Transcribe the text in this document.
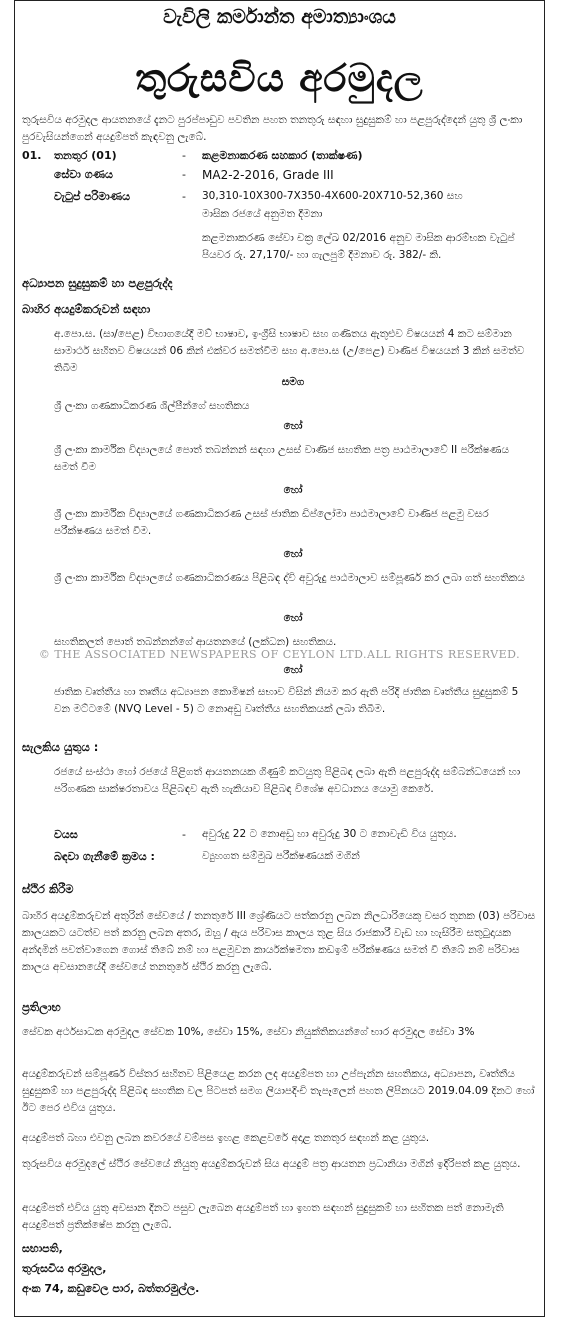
වැවිලි කර්මාන්ත අමාත්‍යාංශය
තුරුසවිය අරමුදල

තුරුසවිය අරමුදල ආයතනයේ දැනට පුරප්පාඩුව පවතින පහත තනතුරු සඳහා සුදුසුකම් හා පළපුරුද්දෙන් යුතු ශ්‍රී ලංකා පුරවැසියන්ගෙන් අයදුම්පත් කැඳවනු ලැබේ.

01. තනතුර (01)	- කළමනාකරණ සහකාර (තාක්ෂණ)
සේවා ගණය	- MA2-2-2016, Grade III
වැටුප් පරිමාණය	- 30,310-10X300-7X350-4X600-20X710-52,360 සහ

මාසික රජයේ අනුමත දීමනා

කළමනාකරණ සේවා චක්‍ර ලේඛ 02/2016 අනුව මාසික ආරම්භක වැටුප් පියවර රු. 27,170/- හා ගැලපුම් දීමනාව රු. 382/- කි.

අධ්‍යාපන සුදුසුකම් හා පළපුරුද්ද
බාහිර අයදුම්කරුවන් සඳහා

අ.පො.ස. (සා/පෙළ) විභාගයේදී මව් භාෂාව, ඉංග්‍රීසි භාෂාව සහ ගණිතය ඇතුළුව විෂයයන් 4 කට සම්මාන සාමාර්ථ සහිතව විෂයයන් 06 කින් එක්වර සමත්වීම සහ අ.පො.ස (උ/පෙළ) වාණිජ විෂයයන් 3 කින් සමත්ව තිබීම

සමග

ශ්‍රී ලංකා ගණකාධිකරණ ශිල්පීන්ගේ සහතිකය

හෝ

ශ්‍රී ලංකා කාර්මික විද්‍යාලයේ පොත් තබන්නන් සඳහා උසස් වාණිජ සහතික පත්‍ර පාඨමාලාවේ II පරීක්ෂණය සමත් වීම

හෝ

ශ්‍රී ලංකා කාර්මික විද්‍යාලයේ ගණකාධිකරණ උසස් ජාතික ඩිප්ලෝමා පාඨමාලාවේ වාණිජ පළමු වසර පරීක්ෂණය සමත් වීම.

හෝ

ශ්‍රී ලංකා කාර්මික විද්‍යාලයේ ගණකාධිකරණය පිළිබඳ ද්වි අවුරුදු පාඨමාලාව සම්පූර්ණ කර ලබා ගත් සහතිකය

හෝ

සහතිකලත් පොත් තබන්නන්ගේ ආයතනයේ (ලක්ධන) සහතිකය.

© THE ASSOCIATED NEWSPAPERS OF CEYLON LTD.ALL RIGHTS RESERVED.
හෝ

ජාතික වෘත්තීය හා තෘතීය අධ්‍යාපන කොමිෂන් සභාව විසින් නියම කර ඇති පරිදි ජාතික වෘත්තීය සුදුසුකම් 5 වන මට්ටමේ (NVQ Level - 5) ට නොඅඩු වෘත්තීය සහතිකයක් ලබා තිබීම.

සැලකිය යුතුය :

රජයේ සංස්ථා හෝ රජයේ පිළිගත් ආයතනයක ගිණුම් කටයුතු පිළිබඳ ලබා ඇති පළපුරුද්ද සම්බන්ධයෙන් හා පරිගණක සාක්ෂරතාවය පිළිබඳව ඇති හැකියාව පිළිබඳ විශේෂ අවධානය යොමු කෙරේ.

වයස	- අවුරුදු 22 ට නොඅඩු හා අවුරුදු 30 ට නොවැඩි විය යුතුය.
බඳවා ගැනීමේ ක්‍රමය :	ව්‍යුහගත සම්මුඛ පරීක්ෂණයක් මගින්
ස්ථිර කිරීම

බාහිර අයදුම්කරුවන් අතුරින් සේවයේ / තනතුරේ III ශ්‍රේණියට පත්කරනු ලබන නිලධාරියෙකු වසර තුනක (03) පරිවාස කාලයකට යටත්ව පත් කරනු ලබන අතර, ඔහු / ඇය පරිවාස කාලය තුළ සිය රාජකාරී වැඩ හා හැසිරීම සතුටුදායක අන්දමින් පවත්වාගෙන ගොස් තිබේ නම් හා පළමුවන කාර්යක්ෂමතා කඩඉම් පරීක්ෂණය සමත් වී තිබේ නම් පරිවාස කාලය අවසානයේදී සේවයේ තනතුරේ ස්ථිර කරනු ලැබේ.

ප්‍රතිලාභ

සේවක අර්ථසාධක අරමුදල සේවක 10%, සේවා 15%, සේවා නියුක්තිකයන්ගේ භාර අරමුදල සේවා 3%

අයදුම්කරුවන් සම්පූර්ණ විස්තර සහිතව පිළියෙළ කරන ලද අයදුම්පත හා උප්පැන්න සහතිකය, අධ්‍යාපන, වෘත්තීය සුදුසුකම් හා පළපුරුද්ද පිළිබඳ සහතික වල පිටපත් සමග ලියාපදිංචි තැපෑලෙන් පහත ලිපිනයට 2019.04.09 දිනට හෝ ඊට පෙර එවිය යුතුය.

අයදුම්පත් බහා එවනු ලබන කවරයේ වම්පස ඉහළ කෙළවරේ අදාළ තනතුර සඳහන් කළ යුතුය.

තුරුසවිය අරමුදලේ ස්ථිර සේවයේ නියුතු අයදුම්කරුවන් සිය අයදුම් පත්‍ර ආයතන ප්‍රධානියා මගින් ඉදිරිපත් කළ යුතුය.

අයදුම්පත් එවිය යුතු අවසාන දිනට පසුව ලැබෙන අයදුම්පත් හා ඉහත සඳහන් සුදුසුකම් හා සහිතක පත් නොමැති අයදුම්පත් ප්‍රතික්ෂේප කරනු ලැබේ.

සභාපති,
තුරුසවිය අරමුදල,
අංක 74, කඩුවෙල පාර, බත්තරමුල්ල.
